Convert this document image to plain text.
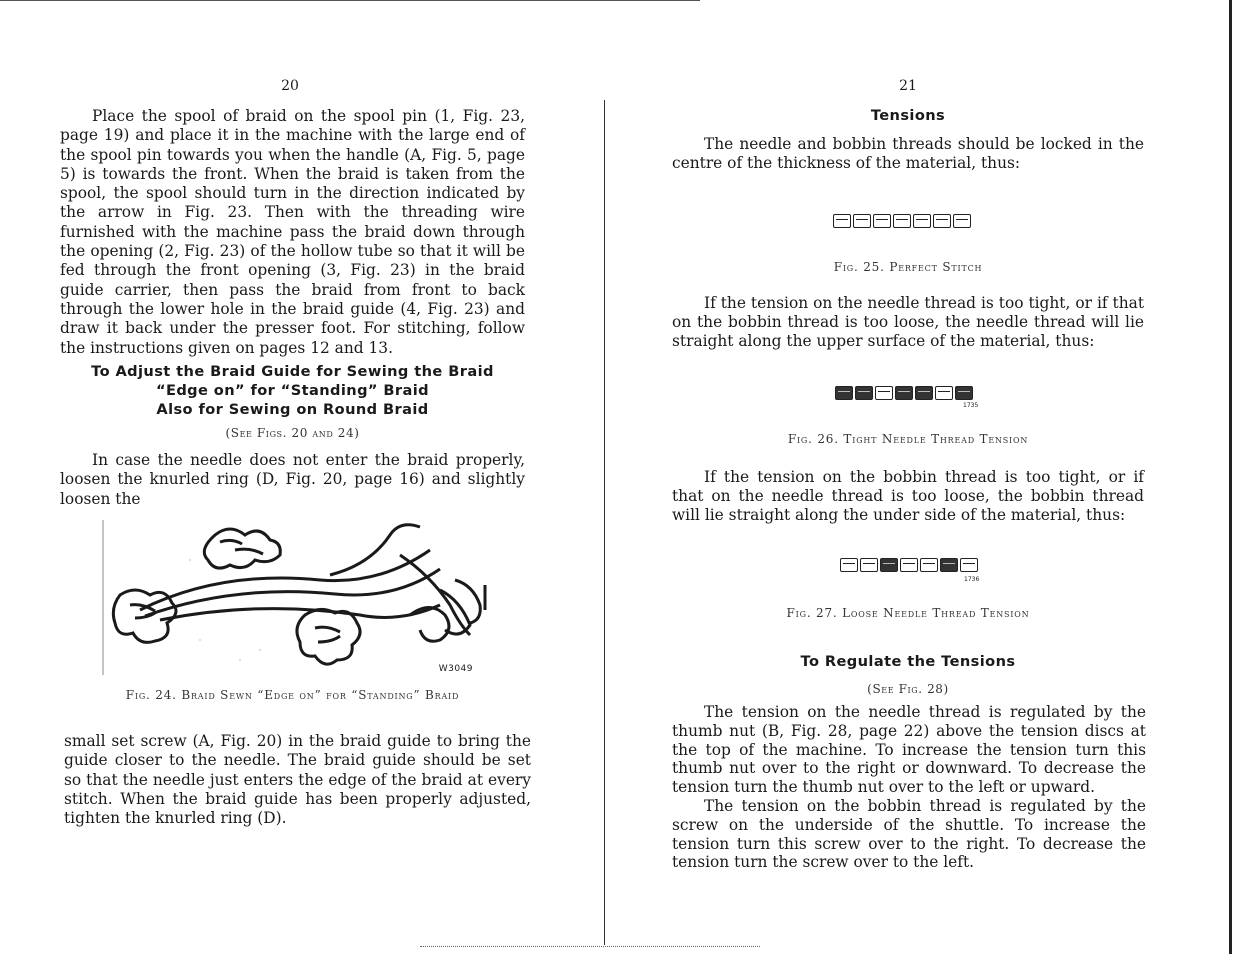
20
Place the spool of braid on the spool pin (1, Fig. 23, page 19) and place it in the machine with the large end of the spool pin towards you when the handle (A, Fig. 5, page 5) is towards the front. When the braid is taken from the spool, the spool should turn in the direction indicated by the arrow in Fig. 23. Then with the threading wire furnished with the machine pass the braid down through the opening (2, Fig. 23) of the hollow tube so that it will be fed through the front opening (3, Fig. 23) in the braid guide carrier, then pass the braid from front to back through the lower hole in the braid guide (4, Fig. 23) and draw it back under the presser foot. For stitching, follow the instructions given on pages 12 and 13.
To Adjust the Braid Guide for Sewing the Braid
“Edge on” for “Standing” Braid
Also for Sewing on Round Braid
(See Figs. 20 and 24)
In case the needle does not enter the braid properly, loosen the knurled ring (D, Fig. 20, page 16) and slightly loosen the
W3049
Fig. 24. Braid Sewn “Edge on” for “Standing” Braid
small set screw (A, Fig. 20) in the braid guide to bring the guide closer to the needle. The braid guide should be set so that the needle just enters the edge of the braid at every stitch. When the braid guide has been properly adjusted, tighten the knurled ring (D).
21
Tensions
The needle and bobbin threads should be locked in the centre of the thickness of the material, thus:
Fig. 25. Perfect Stitch
If the tension on the needle thread is too tight, or if that on the bobbin thread is too loose, the needle thread will lie straight along the upper surface of the material, thus:
1735
Fig. 26. Tight Needle Thread Tension
If the tension on the bobbin thread is too tight, or if that on the needle thread is too loose, the bobbin thread will lie straight along the under side of the material, thus:
1736
Fig. 27. Loose Needle Thread Tension
To Regulate the Tensions
(See Fig. 28)
The tension on the needle thread is regulated by the thumb nut (B, Fig. 28, page 22) above the tension discs at the top of the machine. To increase the tension turn this thumb nut over to the right or downward. To decrease the tension turn the thumb nut over to the left or upward.
The tension on the bobbin thread is regulated by the screw on the underside of the shuttle. To increase the tension turn this screw over to the right. To decrease the tension turn the screw over to the left.
